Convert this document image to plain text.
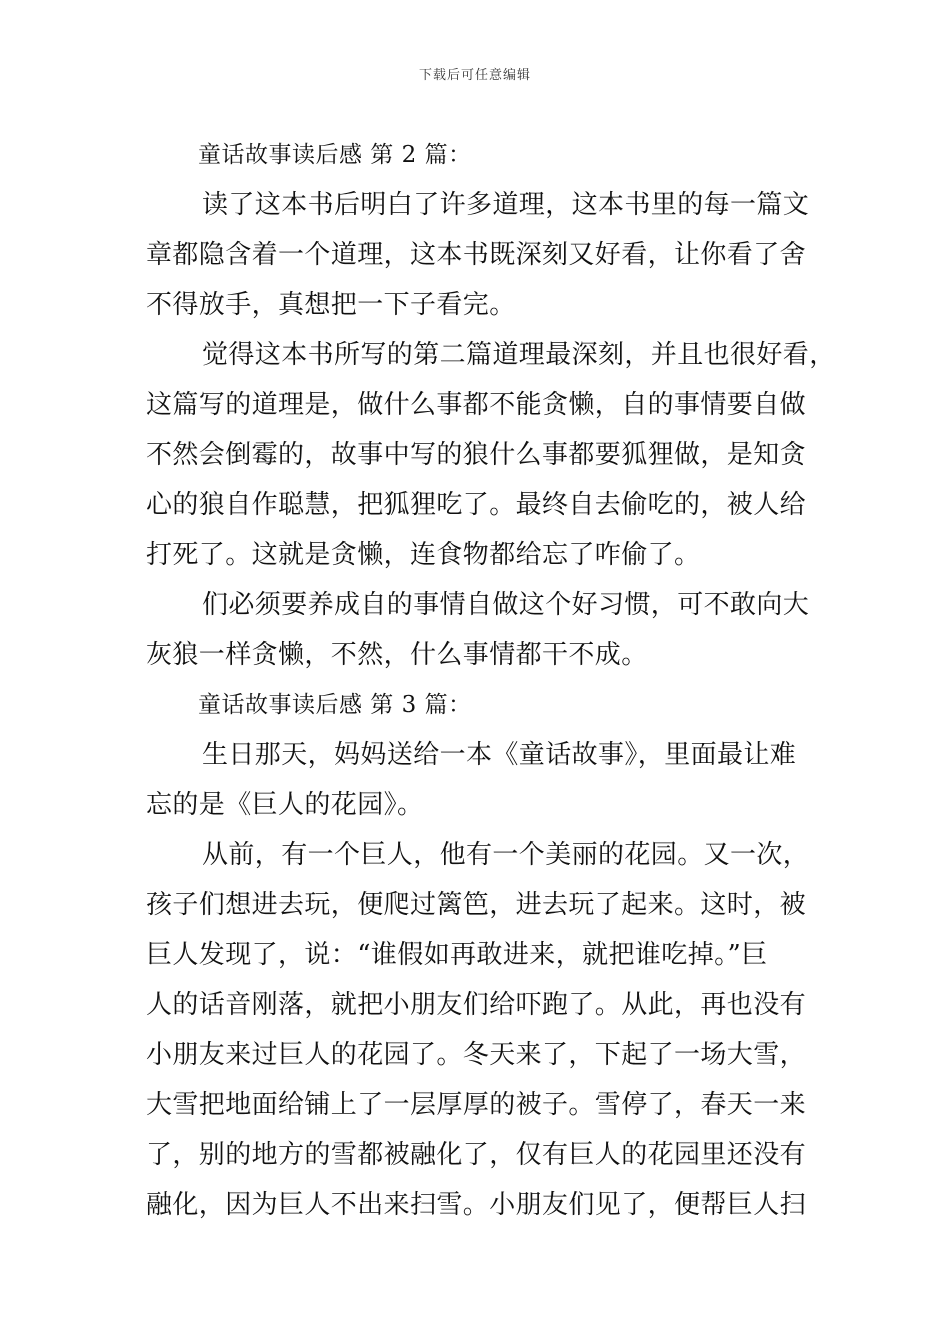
下载后可任意编辑
童话故事读后感 第 2 篇：
读了这本书后明白了许多道理，这本书里的每一篇文
章都隐含着一个道理，这本书既深刻又好看，让你看了舍
不得放手，真想把一下子看完。
觉得这本书所写的第二篇道理最深刻，并且也很好看，
这篇写的道理是，做什么事都不能贪懒，自的事情要自做
不然会倒霉的，故事中写的狼什么事都要狐狸做，是知贪
心的狼自作聪慧，把狐狸吃了。最终自去偷吃的，被人给
打死了。这就是贪懒，连食物都给忘了咋偷了。
们必须要养成自的事情自做这个好习惯，可不敢向大
灰狼一样贪懒，不然，什么事情都干不成。
童话故事读后感 第 3 篇：
生日那天，妈妈送给一本《童话故事》，里面最让难
忘的是《巨人的花园》。
从前，有一个巨人，他有一个美丽的花园。又一次，
孩子们想进去玩，便爬过篱笆，进去玩了起来。这时，被
巨人发现了，说：“谁假如再敢进来，就把谁吃掉。”巨
人的话音刚落，就把小朋友们给吓跑了。从此，再也没有
小朋友来过巨人的花园了。冬天来了，下起了一场大雪，
大雪把地面给铺上了一层厚厚的被子。雪停了，春天一来
了，别的地方的雪都被融化了，仅有巨人的花园里还没有
融化，因为巨人不出来扫雪。小朋友们见了，便帮巨人扫
